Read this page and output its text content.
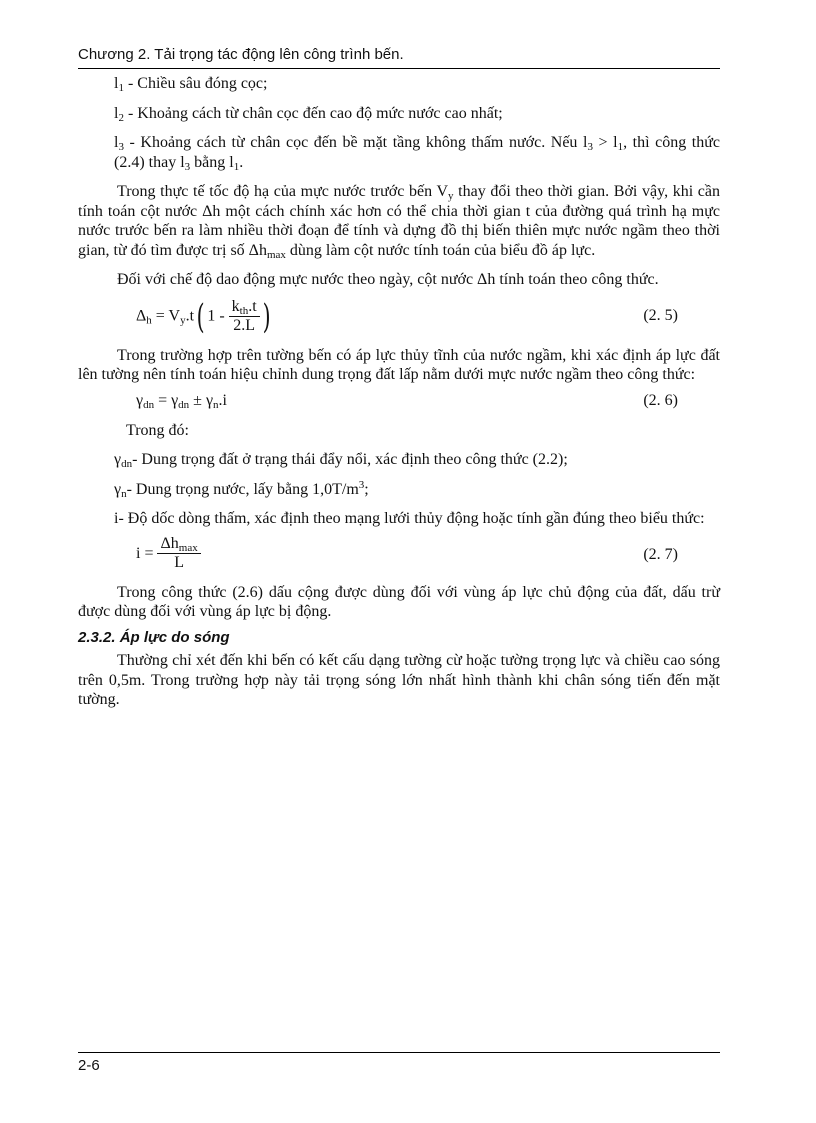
Chương 2. Tải trọng tác động lên công trình bến.

$l_1$ - Chiều sâu đóng cọc;

$l_2$ - Khoảng cách từ chân cọc đến cao độ mức nước cao nhất;

$l_3$ - Khoảng cách từ chân cọc đến bề mặt tầng không thấm nước. Nếu $l_3 > l_1$, thì công thức (2.4) thay $l_3$ bằng $l_1$.

Trong thực tế tốc độ hạ của mực nước trước bến $V_y$ thay đổi theo thời gian. Bởi vậy, khi cần tính toán cột nước Δh một cách chính xác hơn có thể chia thời gian t của đường quá trình hạ mực nước trước bến ra làm nhiều thời đoạn để tính và dựng đồ thị biến thiên mực nước ngầm theo thời gian, từ đó tìm được trị số $\Delta h_{max}$ dùng làm cột nước tính toán của biểu đồ áp lực.

Đối với chế độ dao động mực nước theo ngày, cột nước Δh tính toán theo công thức.

$\Delta_h = V_y.t$( $1 - \frac{k_{th}.t}{2.L}$ )	(2. 5)

Trong trường hợp trên tường bến có áp lực thủy tĩnh của nước ngầm, khi xác định áp lực đất lên tường nên tính toán hiệu chỉnh dung trọng đất lấp nằm dưới mực nước ngầm theo công thức:

$\gamma_{dn} = \gamma_{dn} \pm \gamma_n.i$	(2. 6)

Trong đó:

$\gamma_{dn}-$ Dung trọng đất ở trạng thái đẩy nổi, xác định theo công thức (2.2);

$\gamma_n-$ Dung trọng nước, lấy bằng $1,0T/m^3$;

i- Độ dốc dòng thấm, xác định theo mạng lưới thủy động hoặc tính gần đúng theo biểu thức:

$i = \frac{\Delta h_{max}}{L}$	(2. 7)

Trong công thức (2.6) dấu cộng được dùng đối với vùng áp lực chủ động của đất, dấu trừ được dùng đối với vùng áp lực bị động.

2.3.2. Áp lực do sóng

Thường chỉ xét đến khi bến có kết cấu dạng tường cừ hoặc tường trọng lực và chiều cao sóng trên 0,5m. Trong trường hợp này tải trọng sóng lớn nhất hình thành khi chân sóng tiến đến mặt tường.

2-6
